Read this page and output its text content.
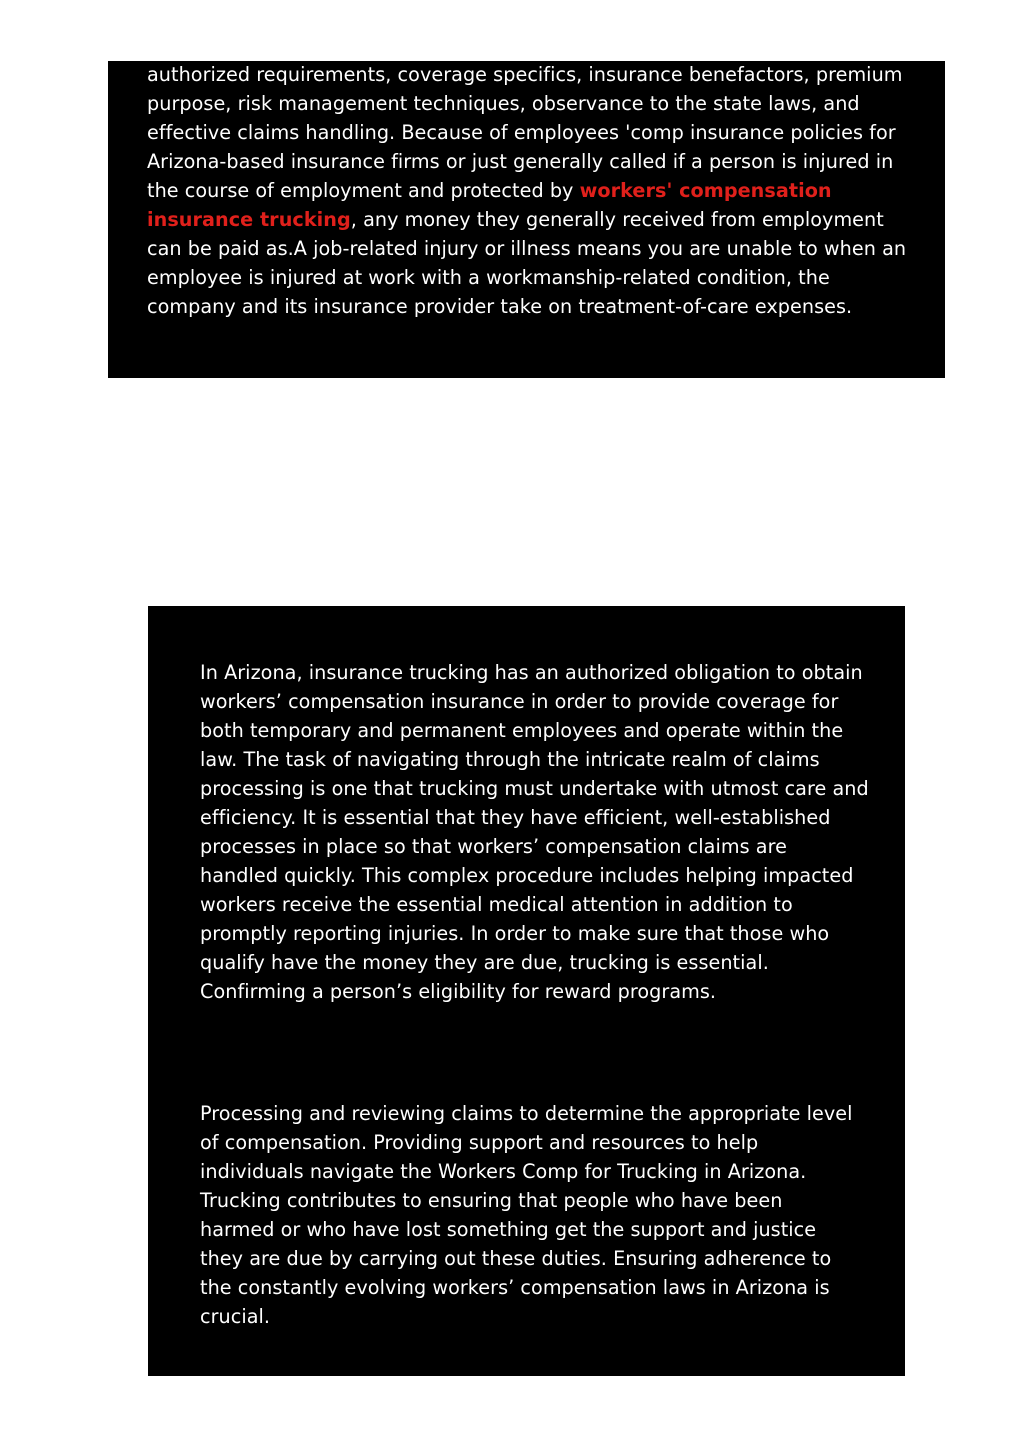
authorized requirements, coverage specifics, insurance benefactors, premium purpose, risk management techniques, observance to the state laws, and effective claims handling. Because of employees 'comp insurance policies for Arizona-based insurance firms or just generally called if a person is injured in the course of employment and protected by workers' compensation insurance trucking, any money they generally received from employment can be paid as.A job-related injury or illness means you are unable to when an employee is injured at work with a workmanship-related condition, the company and its insurance provider take on treatment-of-care expenses.

In Arizona, insurance trucking has an authorized obligation to obtain workers’ compensation insurance in order to provide coverage for both temporary and permanent employees and operate within the law. The task of navigating through the intricate realm of claims processing is one that trucking must undertake with utmost care and efficiency. It is essential that they have efficient, well-established processes in place so that workers’ compensation claims are handled quickly. This complex procedure includes helping impacted workers receive the essential medical attention in addition to promptly reporting injuries. In order to make sure that those who qualify have the money they are due, trucking is essential. Confirming a person’s eligibility for reward programs.

Processing and reviewing claims to determine the appropriate level of compensation. Providing support and resources to help individuals navigate the Workers Comp for Trucking in Arizona. Trucking contributes to ensuring that people who have been harmed or who have lost something get the support and justice they are due by carrying out these duties. Ensuring adherence to the constantly evolving workers’ compensation laws in Arizona is crucial.
